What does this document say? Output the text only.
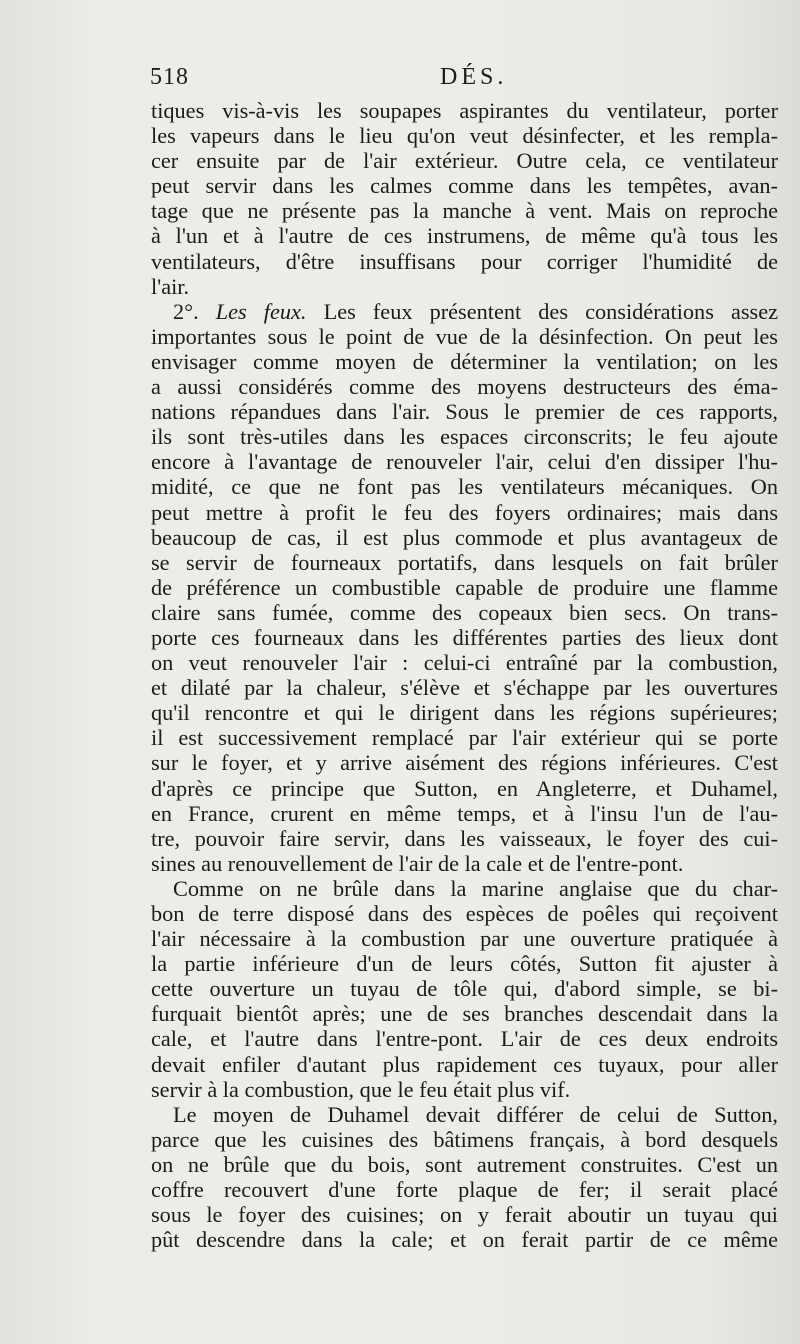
518	DÉS.
tiques vis-à-vis les soupapes aspirantes du ventilateur, porter
les vapeurs dans le lieu qu'on veut désinfecter, et les rempla-
cer ensuite par de l'air extérieur. Outre cela, ce ventilateur
peut servir dans les calmes comme dans les tempêtes, avan-
tage que ne présente pas la manche à vent. Mais on reproche
à l'un et à l'autre de ces instrumens, de même qu'à tous les
ventilateurs, d'être insuffisans pour corriger l'humidité de
l'air.
2°. Les feux. Les feux présentent des considérations assez
importantes sous le point de vue de la désinfection. On peut les
envisager comme moyen de déterminer la ventilation; on les
a aussi considérés comme des moyens destructeurs des éma-
nations répandues dans l'air. Sous le premier de ces rapports,
ils sont très-utiles dans les espaces circonscrits; le feu ajoute
encore à l'avantage de renouveler l'air, celui d'en dissiper l'hu-
midité, ce que ne font pas les ventilateurs mécaniques. On
peut mettre à profit le feu des foyers ordinaires; mais dans
beaucoup de cas, il est plus commode et plus avantageux de
se servir de fourneaux portatifs, dans lesquels on fait brûler
de préférence un combustible capable de produire une flamme
claire sans fumée, comme des copeaux bien secs. On trans-
porte ces fourneaux dans les différentes parties des lieux dont
on veut renouveler l'air : celui-ci entraîné par la combustion,
et dilaté par la chaleur, s'élève et s'échappe par les ouvertures
qu'il rencontre et qui le dirigent dans les régions supérieures;
il est successivement remplacé par l'air extérieur qui se porte
sur le foyer, et y arrive aisément des régions inférieures. C'est
d'après ce principe que Sutton, en Angleterre, et Duhamel,
en France, crurent en même temps, et à l'insu l'un de l'au-
tre, pouvoir faire servir, dans les vaisseaux, le foyer des cui-
sines au renouvellement de l'air de la cale et de l'entre-pont.
Comme on ne brûle dans la marine anglaise que du char-
bon de terre disposé dans des espèces de poêles qui reçoivent
l'air nécessaire à la combustion par une ouverture pratiquée à
la partie inférieure d'un de leurs côtés, Sutton fit ajuster à
cette ouverture un tuyau de tôle qui, d'abord simple, se bi-
furquait bientôt après; une de ses branches descendait dans la
cale, et l'autre dans l'entre-pont. L'air de ces deux endroits
devait enfiler d'autant plus rapidement ces tuyaux, pour aller
servir à la combustion, que le feu était plus vif.
Le moyen de Duhamel devait différer de celui de Sutton,
parce que les cuisines des bâtimens français, à bord desquels
on ne brûle que du bois, sont autrement construites. C'est un
coffre recouvert d'une forte plaque de fer; il serait placé
sous le foyer des cuisines; on y ferait aboutir un tuyau qui
pût descendre dans la cale; et on ferait partir de ce même
